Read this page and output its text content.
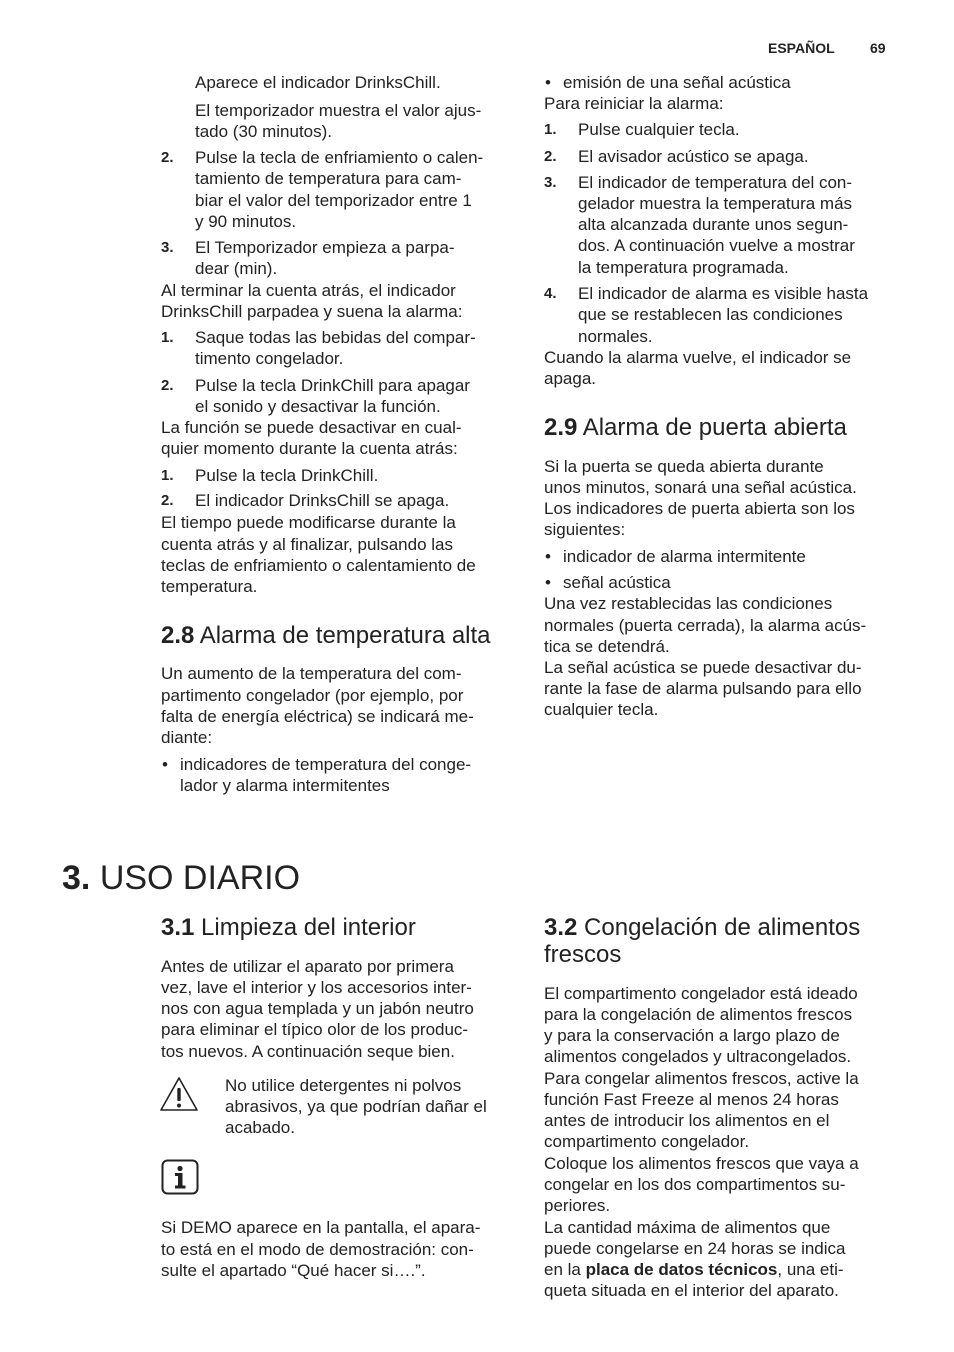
ESPAÑOL	69
Aparece el indicador DrinksChill.
El temporizador muestra el valor ajus-
tado (30 minutos).
2. Pulse la tecla de enfriamiento o calen-
tamiento de temperatura para cam-
biar el valor del temporizador entre 1
y 90 minutos.
3. El Temporizador empieza a parpa-
dear (min).
Al terminar la cuenta atrás, el indicador
DrinksChill parpadea y suena la alarma:
1. Saque todas las bebidas del compar-
timento congelador.
2. Pulse la tecla DrinkChill para apagar
el sonido y desactivar la función.
La función se puede desactivar en cual-
quier momento durante la cuenta atrás:
1. Pulse la tecla DrinkChill.
2. El indicador DrinksChill se apaga.
El tiempo puede modificarse durante la
cuenta atrás y al finalizar, pulsando las
teclas de enfriamiento o calentamiento de
temperatura.
2.8 Alarma de temperatura alta
Un aumento de la temperatura del com-
partimento congelador (por ejemplo, por
falta de energía eléctrica) se indicará me-
diante:
• indicadores de temperatura del conge-
lador y alarma intermitentes
• emisión de una señal acústica
Para reiniciar la alarma:
1. Pulse cualquier tecla.
2. El avisador acústico se apaga.
3. El indicador de temperatura del con-
gelador muestra la temperatura más
alta alcanzada durante unos segun-
dos. A continuación vuelve a mostrar
la temperatura programada.
4. El indicador de alarma es visible hasta
que se restablecen las condiciones
normales.
Cuando la alarma vuelve, el indicador se
apaga.
2.9 Alarma de puerta abierta
Si la puerta se queda abierta durante
unos minutos, sonará una señal acústica.
Los indicadores de puerta abierta son los
siguientes:
• indicador de alarma intermitente
• señal acústica
Una vez restablecidas las condiciones
normales (puerta cerrada), la alarma acús-
tica se detendrá.
La señal acústica se puede desactivar du-
rante la fase de alarma pulsando para ello
cualquier tecla.
3. USO DIARIO
3.1 Limpieza del interior
Antes de utilizar el aparato por primera
vez, lave el interior y los accesorios inter-
nos con agua templada y un jabón neutro
para eliminar el típico olor de los produc-
tos nuevos. A continuación seque bien.
No utilice detergentes ni polvos
abrasivos, ya que podrían dañar el
acabado.
Si DEMO aparece en la pantalla, el apara-
to está en el modo de demostración: con-
sulte el apartado “Qué hacer si….”.
3.2 Congelación de alimentos
frescos
El compartimento congelador está ideado
para la congelación de alimentos frescos
y para la conservación a largo plazo de
alimentos congelados y ultracongelados.
Para congelar alimentos frescos, active la
función Fast Freeze al menos 24 horas
antes de introducir los alimentos en el
compartimento congelador.
Coloque los alimentos frescos que vaya a
congelar en los dos compartimentos su-
periores.
La cantidad máxima de alimentos que
puede congelarse en 24 horas se indica
en la placa de datos técnicos, una eti-
queta situada en el interior del aparato.
